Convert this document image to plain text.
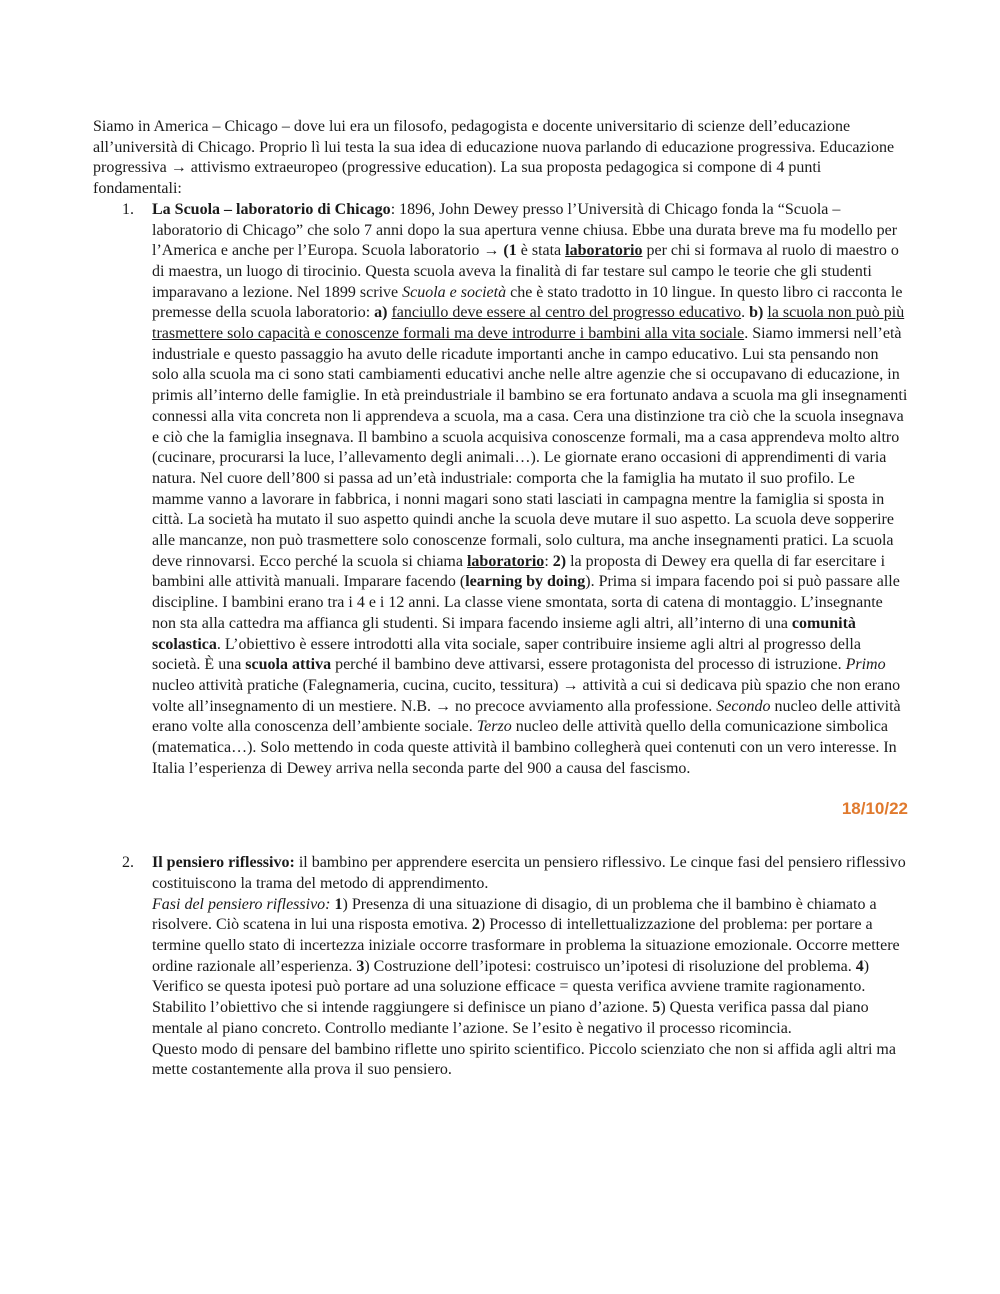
Siamo in America – Chicago – dove lui era un filosofo, pedagogista e docente universitario di scienze dell’educazione all’università di Chicago. Proprio lì lui testa la sua idea di educazione nuova parlando di educazione progressiva. Educazione progressiva → attivismo extraeuropeo (progressive education). La sua proposta pedagogica si compone di 4 punti fondamentali:

1. La Scuola – laboratorio di Chicago: 1896, John Dewey presso l’Università di Chicago fonda la “Scuola – laboratorio di Chicago” che solo 7 anni dopo la sua apertura venne chiusa. Ebbe una durata breve ma fu modello per l’America e anche per l’Europa. Scuola laboratorio → (1 è stata laboratorio per chi si formava al ruolo di maestro o di maestra, un luogo di tirocinio. Questa scuola aveva la finalità di far testare sul campo le teorie che gli studenti imparavano a lezione. Nel 1899 scrive Scuola e società che è stato tradotto in 10 lingue. In questo libro ci racconta le premesse della scuola laboratorio: a) fanciullo deve essere al centro del progresso educativo. b) la scuola non può più trasmettere solo capacità e conoscenze formali ma deve introdurre i bambini alla vita sociale. Siamo immersi nell’età industriale e questo passaggio ha avuto delle ricadute importanti anche in campo educativo. Lui sta pensando non solo alla scuola ma ci sono stati cambiamenti educativi anche nelle altre agenzie che si occupavano di educazione, in primis all’interno delle famiglie. In età preindustriale il bambino se era fortunato andava a scuola ma gli insegnamenti connessi alla vita concreta non li apprendeva a scuola, ma a casa. Cera una distinzione tra ciò che la scuola insegnava e ciò che la famiglia insegnava. Il bambino a scuola acquisiva conoscenze formali, ma a casa apprendeva molto altro (cucinare, procurarsi la luce, l’allevamento degli animali…). Le giornate erano occasioni di apprendimenti di varia natura. Nel cuore dell’800 si passa ad un’età industriale: comporta che la famiglia ha mutato il suo profilo. Le mamme vanno a lavorare in fabbrica, i nonni magari sono stati lasciati in campagna mentre la famiglia si sposta in città. La società ha mutato il suo aspetto quindi anche la scuola deve mutare il suo aspetto. La scuola deve sopperire alle mancanze, non può trasmettere solo conoscenze formali, solo cultura, ma anche insegnamenti pratici. La scuola deve rinnovarsi. Ecco perché la scuola si chiama laboratorio: 2) la proposta di Dewey era quella di far esercitare i bambini alle attività manuali. Imparare facendo (learning by doing). Prima si impara facendo poi si può passare alle discipline. I bambini erano tra i 4 e i 12 anni. La classe viene smontata, sorta di catena di montaggio. L’insegnante non sta alla cattedra ma affianca gli studenti. Si impara facendo insieme agli altri, all’interno di una comunità scolastica. L’obiettivo è essere introdotti alla vita sociale, saper contribuire insieme agli altri al progresso della società. È una scuola attiva perché il bambino deve attivarsi, essere protagonista del processo di istruzione. Primo nucleo attività pratiche (Falegnameria, cucina, cucito, tessitura) → attività a cui si dedicava più spazio che non erano volte all’insegnamento di un mestiere. N.B. → no precoce avviamento alla professione. Secondo nucleo delle attività erano volte alla conoscenza dell’ambiente sociale. Terzo nucleo delle attività quello della comunicazione simbolica (matematica…). Solo mettendo in coda queste attività il bambino collegherà quei contenuti con un vero interesse. In Italia l’esperienza di Dewey arriva nella seconda parte del 900 a causa del fascismo.
18/10/22
2. Il pensiero riflessivo: il bambino per apprendere esercita un pensiero riflessivo. Le cinque fasi del pensiero riflessivo costituiscono la trama del metodo di apprendimento.

Fasi del pensiero riflessivo: 1) Presenza di una situazione di disagio, di un problema che il bambino è chiamato a risolvere. Ciò scatena in lui una risposta emotiva. 2) Processo di intellettualizzazione del problema: per portare a termine quello stato di incertezza iniziale occorre trasformare in problema la situazione emozionale. Occorre mettere ordine razionale all’esperienza. 3) Costruzione dell’ipotesi: costruisco un’ipotesi di risoluzione del problema. 4) Verifico se questa ipotesi può portare ad una soluzione efficace = questa verifica avviene tramite ragionamento. Stabilito l’obiettivo che si intende raggiungere si definisce un piano d’azione. 5) Questa verifica passa dal piano mentale al piano concreto. Controllo mediante l’azione. Se l’esito è negativo il processo ricomincia.

Questo modo di pensare del bambino riflette uno spirito scientifico. Piccolo scienziato che non si affida agli altri ma mette costantemente alla prova il suo pensiero.
